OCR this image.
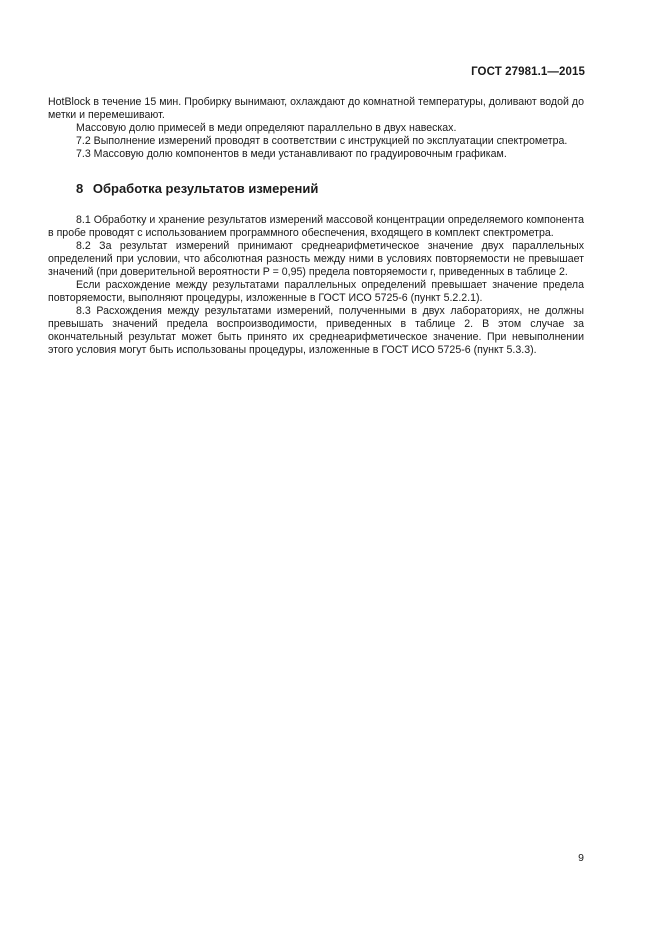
ГОСТ 27981.1—2015

HotBlock в течение 15 мин. Пробирку вынимают, охлаждают до комнатной температуры, доливают водой до метки и перемешивают.

Массовую долю примесей в меди определяют параллельно в двух навесках.

7.2 Выполнение измерений проводят в соответствии с инструкцией по эксплуатации спектрометра.

7.3 Массовую долю компонентов в меди устанавливают по градуировочным графикам.

8 Обработка результатов измерений

8.1 Обработку и хранение результатов измерений массовой концентрации определяемого компонента в пробе проводят с использованием программного обеспечения, входящего в комплект спектрометра.

8.2 За результат измерений принимают среднеарифметическое значение двух параллельных определений при условии, что абсолютная разность между ними в условиях повторяемости не превышает значений (при доверительной вероятности P = 0,95) предела повторяемости r, приведенных в таблице 2.

Если расхождение между результатами параллельных определений превышает значение предела повторяемости, выполняют процедуры, изложенные в ГОСТ ИСО 5725-6 (пункт 5.2.2.1).

8.3 Расхождения между результатами измерений, полученными в двух лабораториях, не должны превышать значений предела воспроизводимости, приведенных в таблице 2. В этом случае за окончательный результат может быть принято их среднеарифметическое значение. При невыполнении этого условия могут быть использованы процедуры, изложенные в ГОСТ ИСО 5725-6 (пункт 5.3.3).

9
